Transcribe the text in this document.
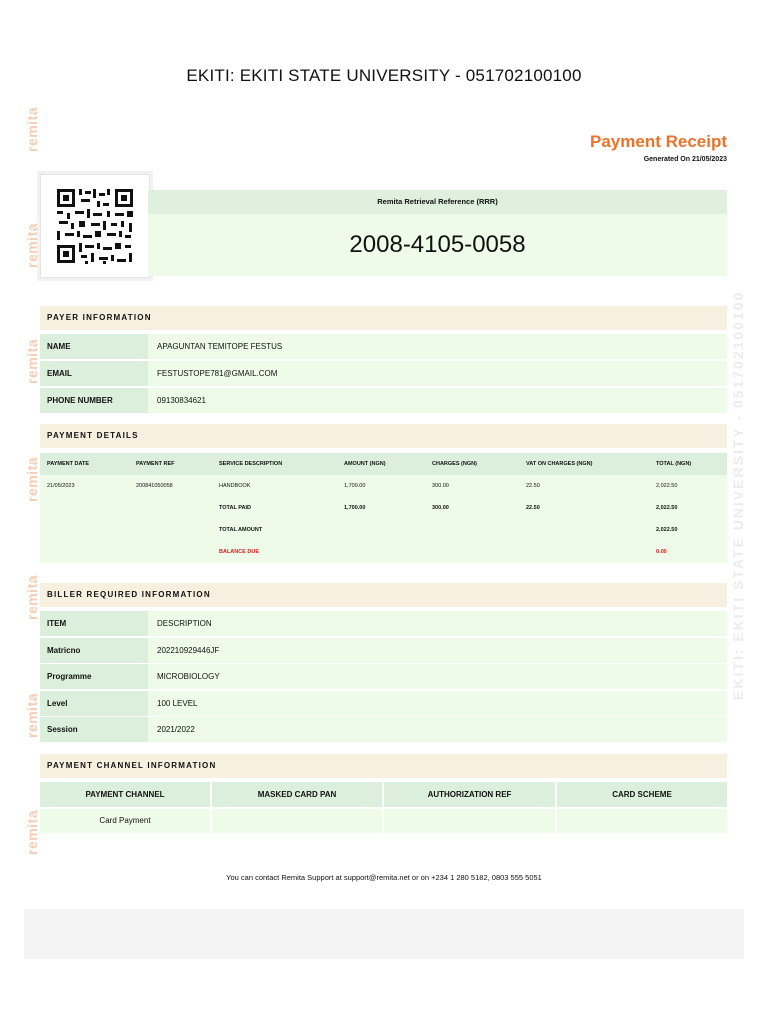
EKITI: EKITI STATE UNIVERSITY - 051702100100
remita
remita
remita
remita
remita
remita
remita
EKITI: EKITI STATE UNIVERSITY - 051702100100
Payment Receipt
Generated On 21/05/2023
Remita Retrieval Reference (RRR)
2008-4105-0058
PAYER INFORMATION
NAME	APAGUNTAN TEMITOPE FESTUS
EMAIL	FESTUSTOPE781@GMAIL.COM
PHONE NUMBER	09130834621
PAYMENT DETAILS
PAYMENT DATE	PAYMENT REF	SERVICE DESCRIPTION	AMOUNT (NGN)	CHARGES (NGN)	VAT ON CHARGES (NGN)	TOTAL (NGN)
21/05/2023	200841050058	HANDBOOK	1,700.00	300.00	22.50	2,022.50
TOTAL PAID	1,700.00	300.00	22.50	2,022.50
TOTAL AMOUNT	2,022.50
BALANCE DUE	0.00
BILLER REQUIRED INFORMATION
ITEM	DESCRIPTION
Matricno	202210929446JF
Programme	MICROBIOLOGY
Level	100 LEVEL
Session	2021/2022
PAYMENT CHANNEL INFORMATION
PAYMENT CHANNEL	MASKED CARD PAN	AUTHORIZATION REF	CARD SCHEME
Card Payment
You can contact Remita Support at support@remita.net or on +234 1 280 5182, 0803 555 5051
